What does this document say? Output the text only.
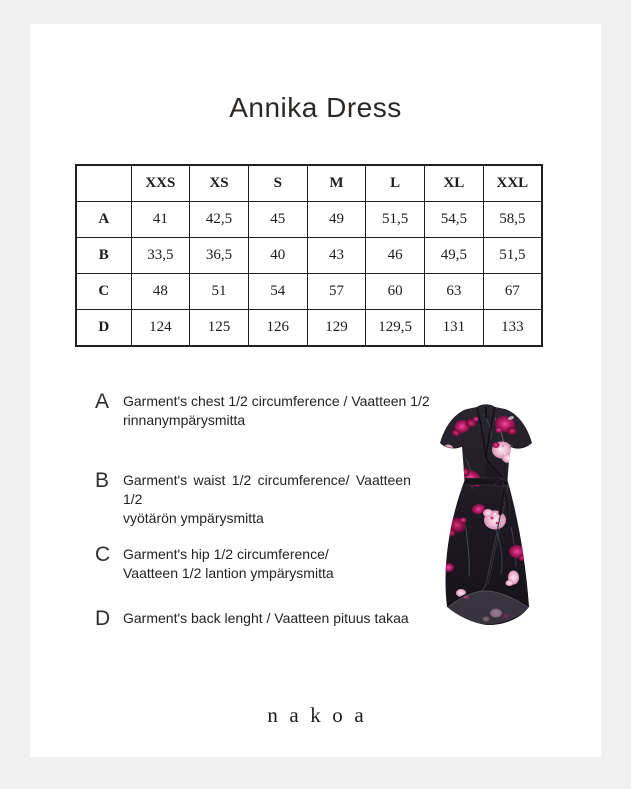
Annika Dress
	XXS	XS	S	M	L	XL	XXL
A	41	42,5	45	49	51,5	54,5	58,5
B	33,5	36,5	40	43	46	49,5	51,5
C	48	51	54	57	60	63	67
D	124	125	126	129	129,5	131	133
A Garment's chest 1/2 circumference / Vaatteen 1/2
rinnanympärysmitta
B Garment's waist 1/2 circumference/ Vaatteen 1/2
vyötärön ympärysmitta
C Garment's hip 1/2 circumference/
Vaatteen 1/2 lantion ympärysmitta
D Garment's back lenght / Vaatteen pituus takaa
nakoa
